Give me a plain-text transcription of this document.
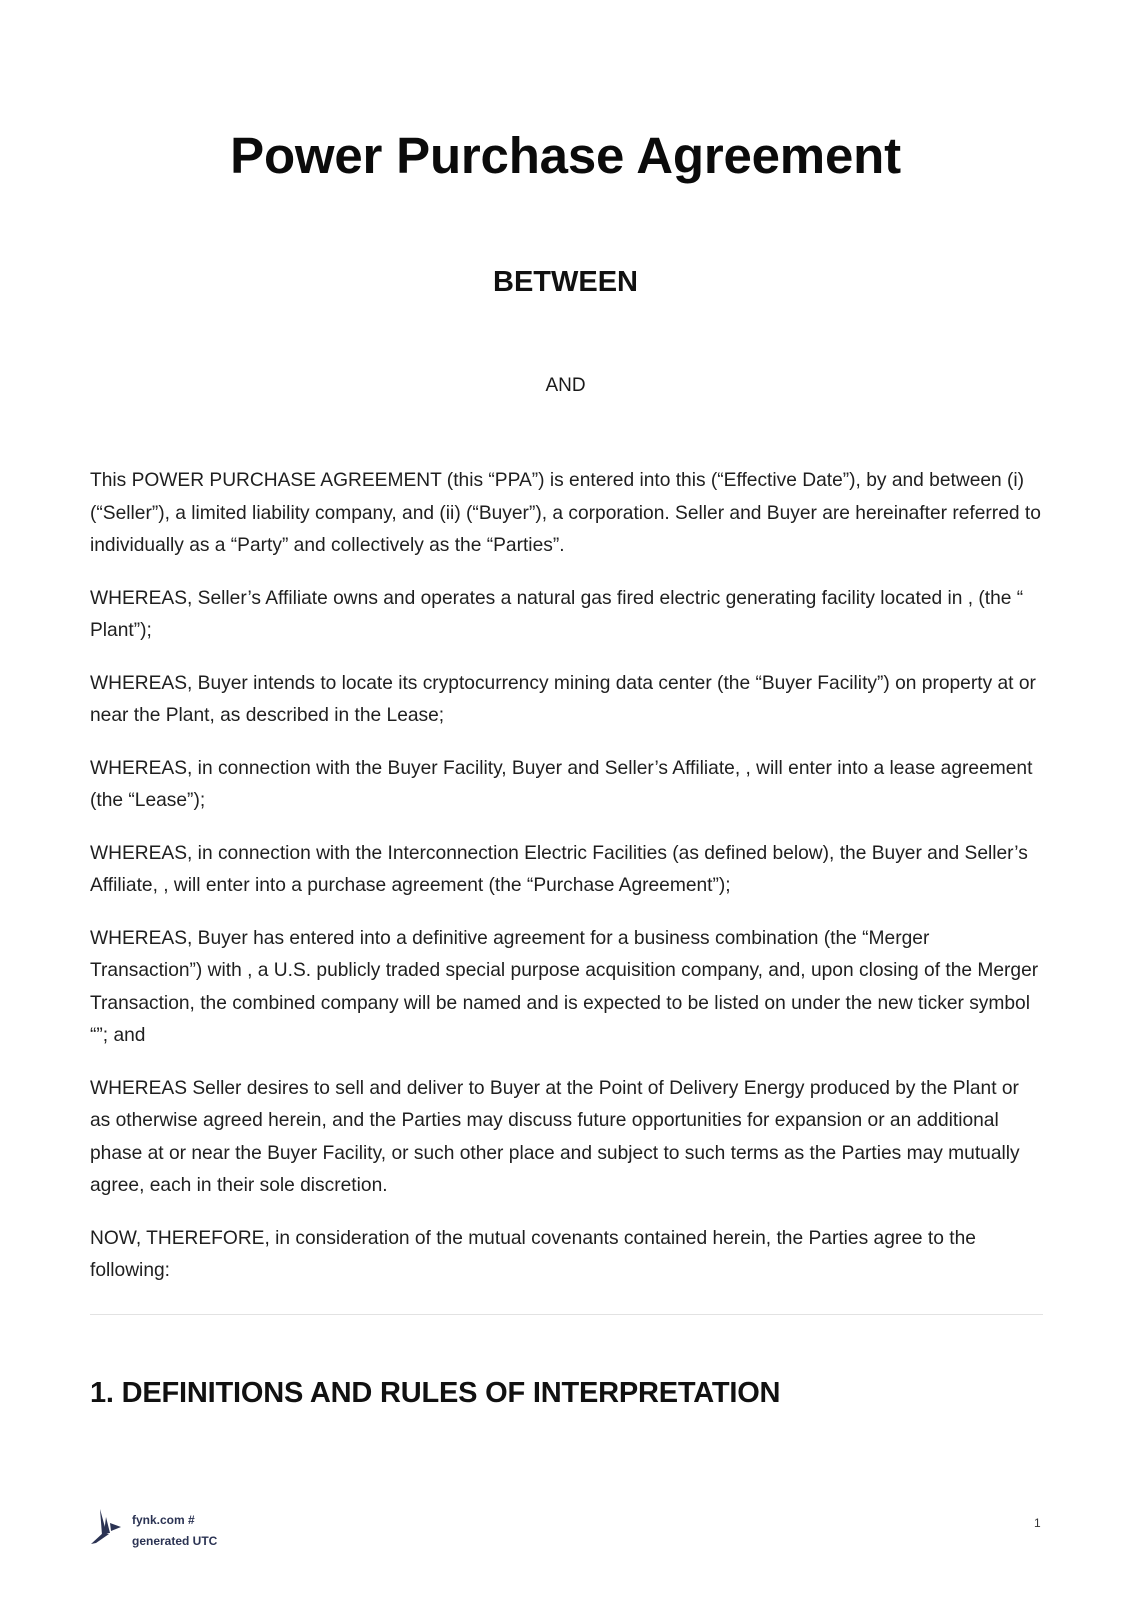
Power Purchase Agreement
BETWEEN
AND

This POWER PURCHASE AGREEMENT (this “PPA”) is entered into this (“Effective Date”), by and between (i) (“Seller”), a limited liability company, and (ii) (“Buyer”), a corporation. Seller and Buyer are hereinafter referred to individually as a “Party” and collectively as the “Parties”.

WHEREAS, Seller’s Affiliate owns and operates a natural gas fired electric generating facility located in , (the “ Plant”);

WHEREAS, Buyer intends to locate its cryptocurrency mining data center (the “Buyer Facility”) on property at or near the Plant, as described in the Lease;

WHEREAS, in connection with the Buyer Facility, Buyer and Seller’s Affiliate, , will enter into a lease agreement (the “Lease”);

WHEREAS, in connection with the Interconnection Electric Facilities (as defined below), the Buyer and Seller’s Affiliate, , will enter into a purchase agreement (the “Purchase Agreement”);

WHEREAS, Buyer has entered into a definitive agreement for a business combination (the “Merger Transaction”) with , a U.S. publicly traded special purpose acquisition company, and, upon closing of the Merger Transaction, the combined company will be named and is expected to be listed on under the new ticker symbol “”; and

WHEREAS Seller desires to sell and deliver to Buyer at the Point of Delivery Energy produced by the Plant or as otherwise agreed herein, and the Parties may discuss future opportunities for expansion or an additional phase at or near the Buyer Facility, or such other place and subject to such terms as the Parties may mutually agree, each in their sole discretion.

NOW, THEREFORE, in consideration of the mutual covenants contained herein, the Parties agree to the following:

1. DEFINITIONS AND RULES OF INTERPRETATION
fynk.com #
generated UTC
1
